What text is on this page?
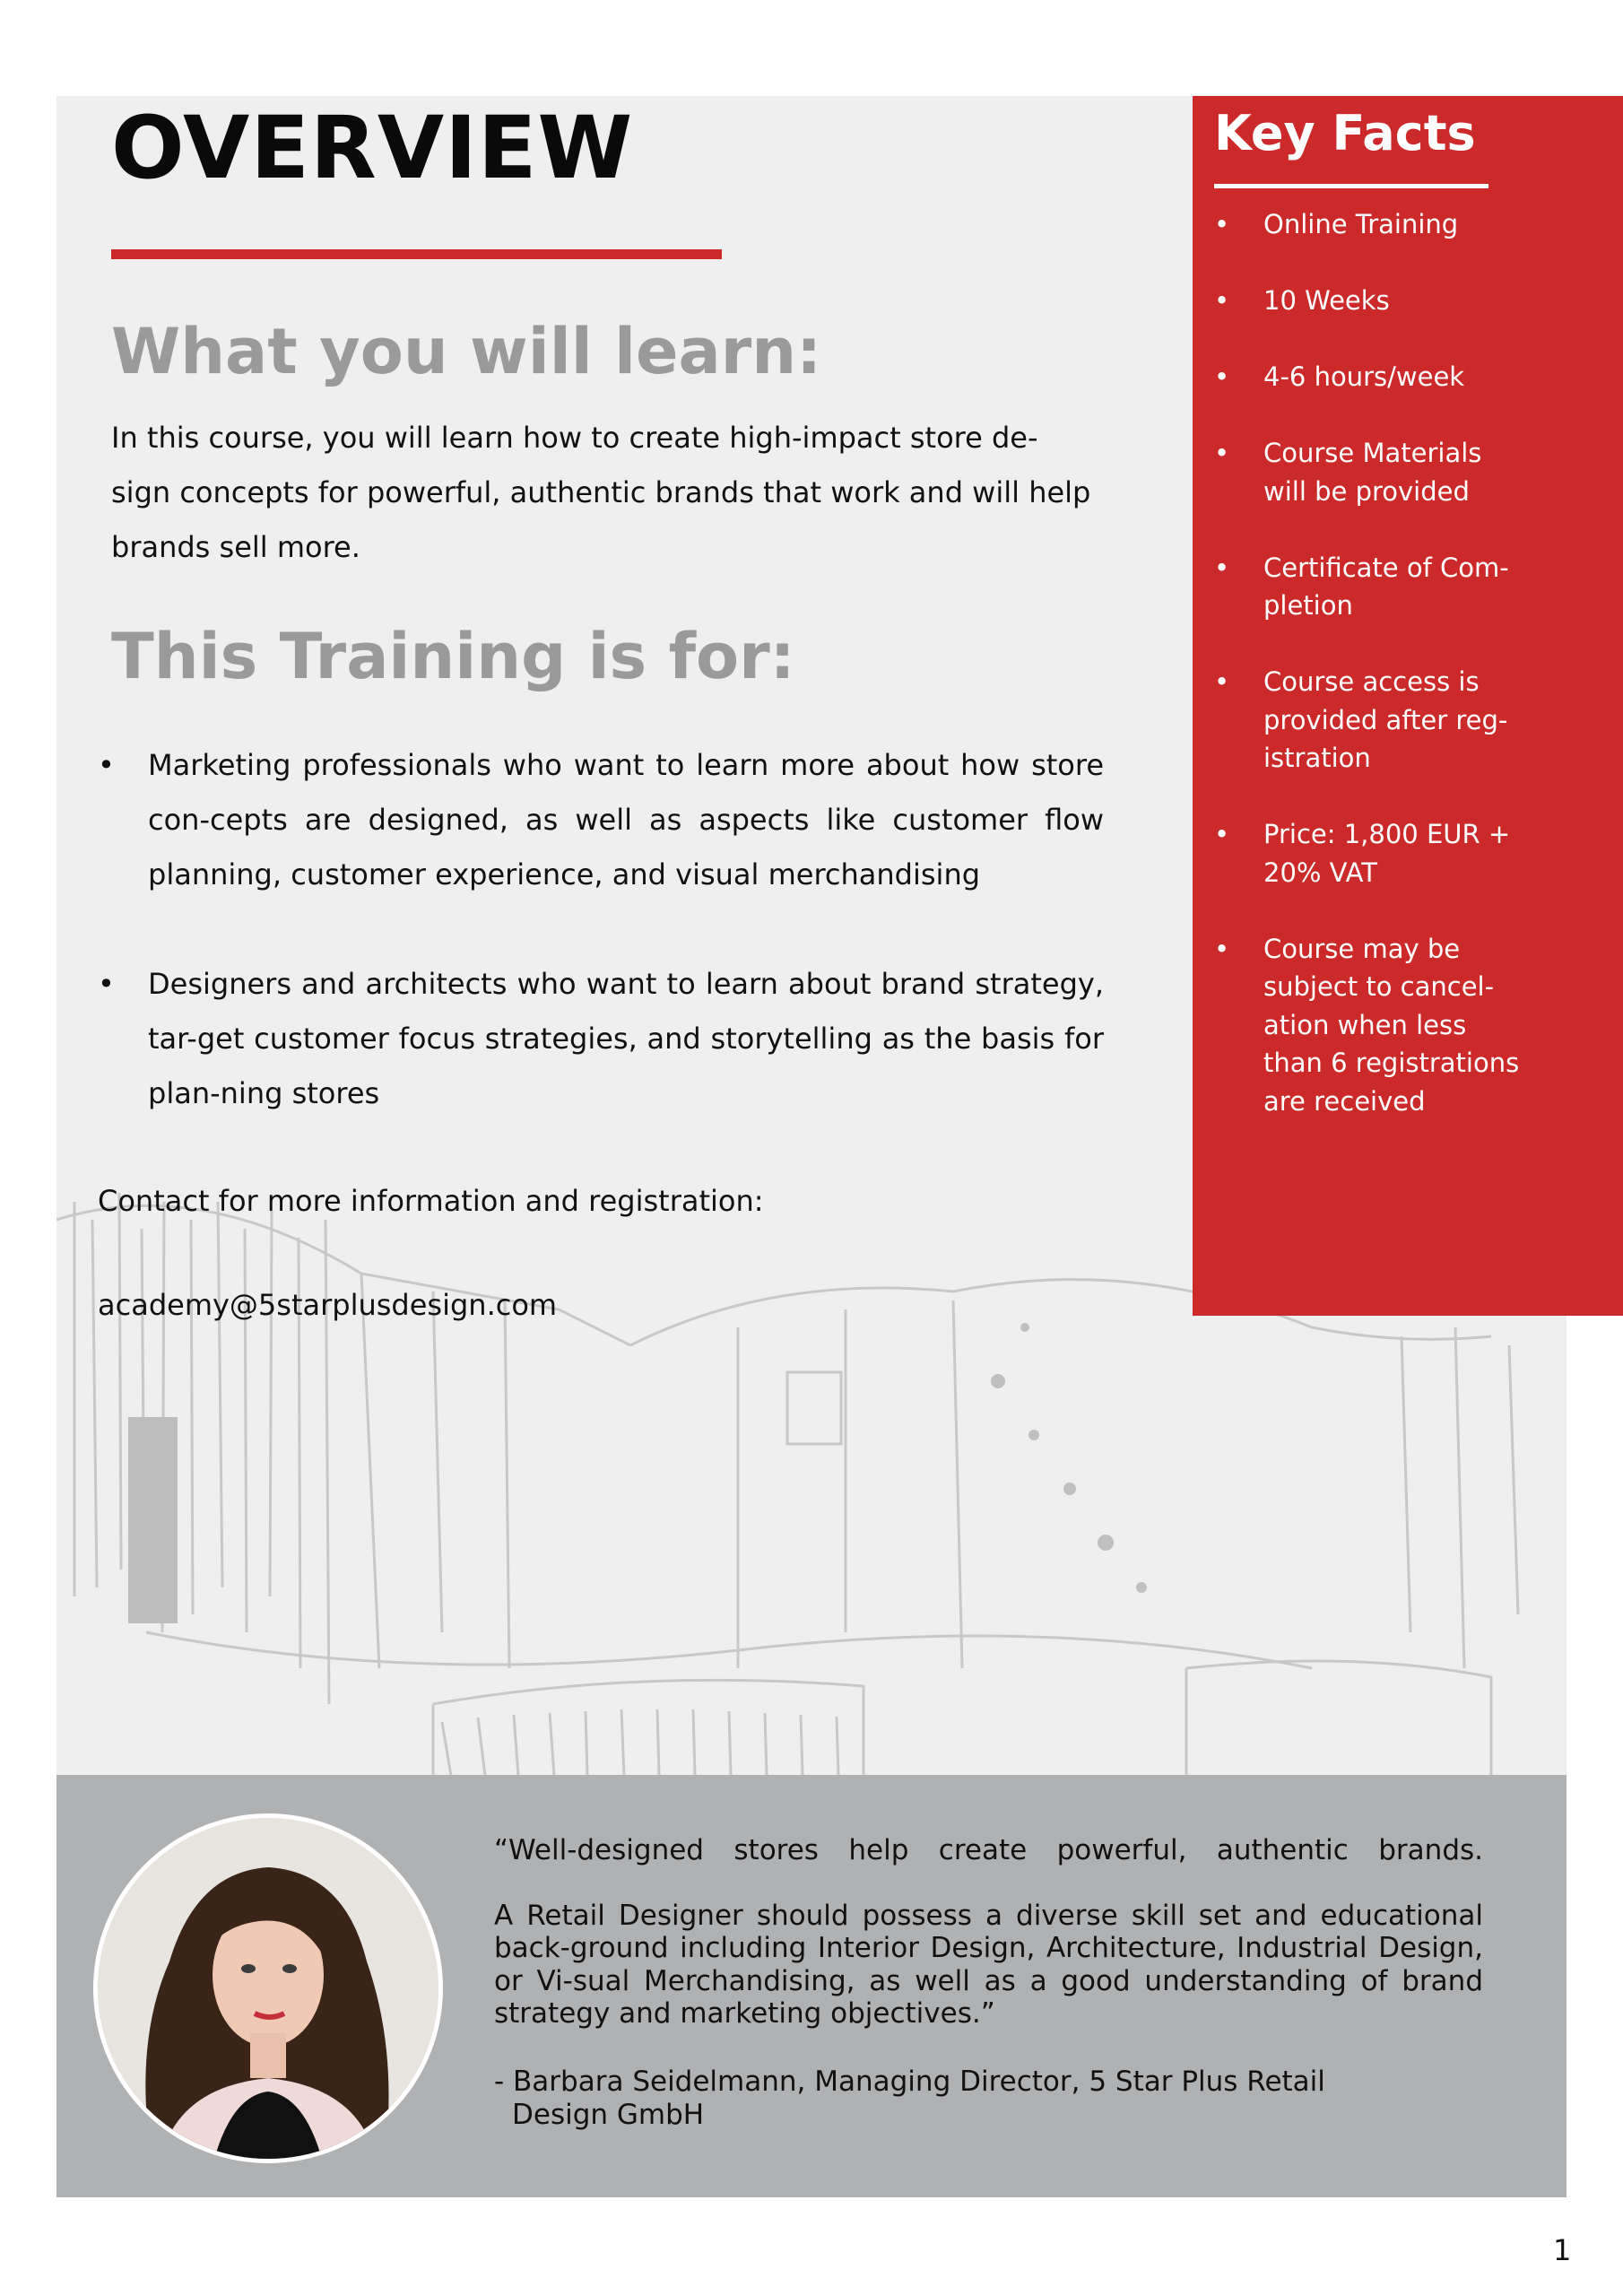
OVERVIEW
What you will learn:
In this course, you will learn how to create high-impact store de-
sign concepts for powerful, authentic brands that work and will help
brands sell more.
This Training is for:
• Marketing professionals who want to learn more about how store con-cepts are designed, as well as aspects like customer flow planning, customer experience, and visual merchandising
• Designers and architects who want to learn about brand strategy, tar-get customer focus strategies, and storytelling as the basis for plan-ning stores
Contact for more information and registration:
academy@5starplusdesign.com
Key Facts
• Online Training
• 10 Weeks
• 4-6 hours/week
• Course Materials
will be provided
• Certificate of Com-
pletion
• Course access is
provided after reg-
istration
• Price: 1,800 EUR +
20% VAT
• Course may be
subject to cancel-
ation when less
than 6 registrations
are received

“Well-designed stores help create powerful, authentic brands.

A Retail Designer should possess a diverse skill set and educational back-ground including Interior Design, Architecture, Industrial Design, or Vi-sual Merchandising, as well as a good understanding of brand strategy and marketing objectives.”

- Barbara Seidelmann, Managing Director, 5 Star Plus Retail
Design GmbH
1
